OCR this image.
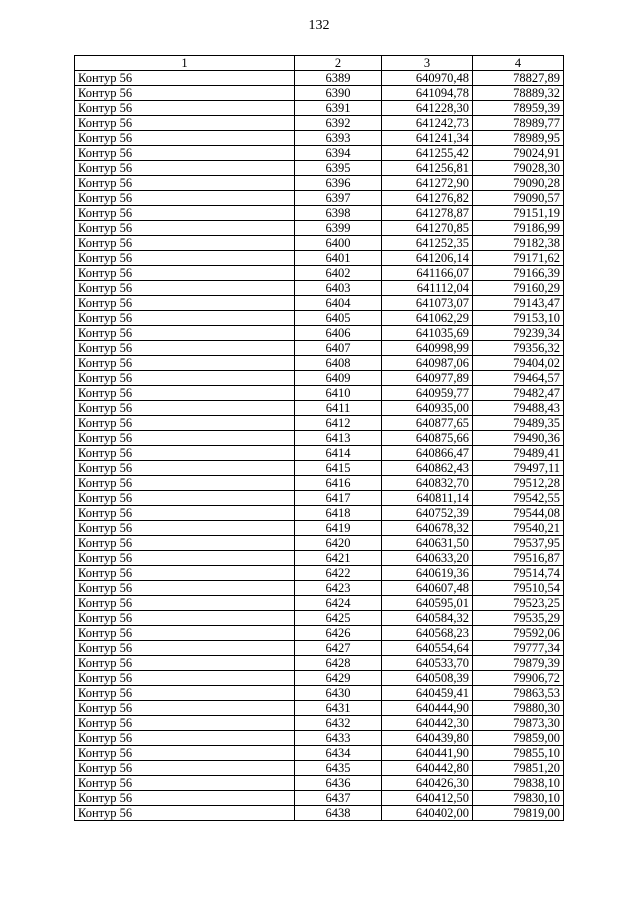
132
1	2	3	4
Контур 56	6389	640970,48	78827,89
Контур 56	6390	641094,78	78889,32
Контур 56	6391	641228,30	78959,39
Контур 56	6392	641242,73	78989,77
Контур 56	6393	641241,34	78989,95
Контур 56	6394	641255,42	79024,91
Контур 56	6395	641256,81	79028,30
Контур 56	6396	641272,90	79090,28
Контур 56	6397	641276,82	79090,57
Контур 56	6398	641278,87	79151,19
Контур 56	6399	641270,85	79186,99
Контур 56	6400	641252,35	79182,38
Контур 56	6401	641206,14	79171,62
Контур 56	6402	641166,07	79166,39
Контур 56	6403	641112,04	79160,29
Контур 56	6404	641073,07	79143,47
Контур 56	6405	641062,29	79153,10
Контур 56	6406	641035,69	79239,34
Контур 56	6407	640998,99	79356,32
Контур 56	6408	640987,06	79404,02
Контур 56	6409	640977,89	79464,57
Контур 56	6410	640959,77	79482,47
Контур 56	6411	640935,00	79488,43
Контур 56	6412	640877,65	79489,35
Контур 56	6413	640875,66	79490,36
Контур 56	6414	640866,47	79489,41
Контур 56	6415	640862,43	79497,11
Контур 56	6416	640832,70	79512,28
Контур 56	6417	640811,14	79542,55
Контур 56	6418	640752,39	79544,08
Контур 56	6419	640678,32	79540,21
Контур 56	6420	640631,50	79537,95
Контур 56	6421	640633,20	79516,87
Контур 56	6422	640619,36	79514,74
Контур 56	6423	640607,48	79510,54
Контур 56	6424	640595,01	79523,25
Контур 56	6425	640584,32	79535,29
Контур 56	6426	640568,23	79592,06
Контур 56	6427	640554,64	79777,34
Контур 56	6428	640533,70	79879,39
Контур 56	6429	640508,39	79906,72
Контур 56	6430	640459,41	79863,53
Контур 56	6431	640444,90	79880,30
Контур 56	6432	640442,30	79873,30
Контур 56	6433	640439,80	79859,00
Контур 56	6434	640441,90	79855,10
Контур 56	6435	640442,80	79851,20
Контур 56	6436	640426,30	79838,10
Контур 56	6437	640412,50	79830,10
Контур 56	6438	640402,00	79819,00
